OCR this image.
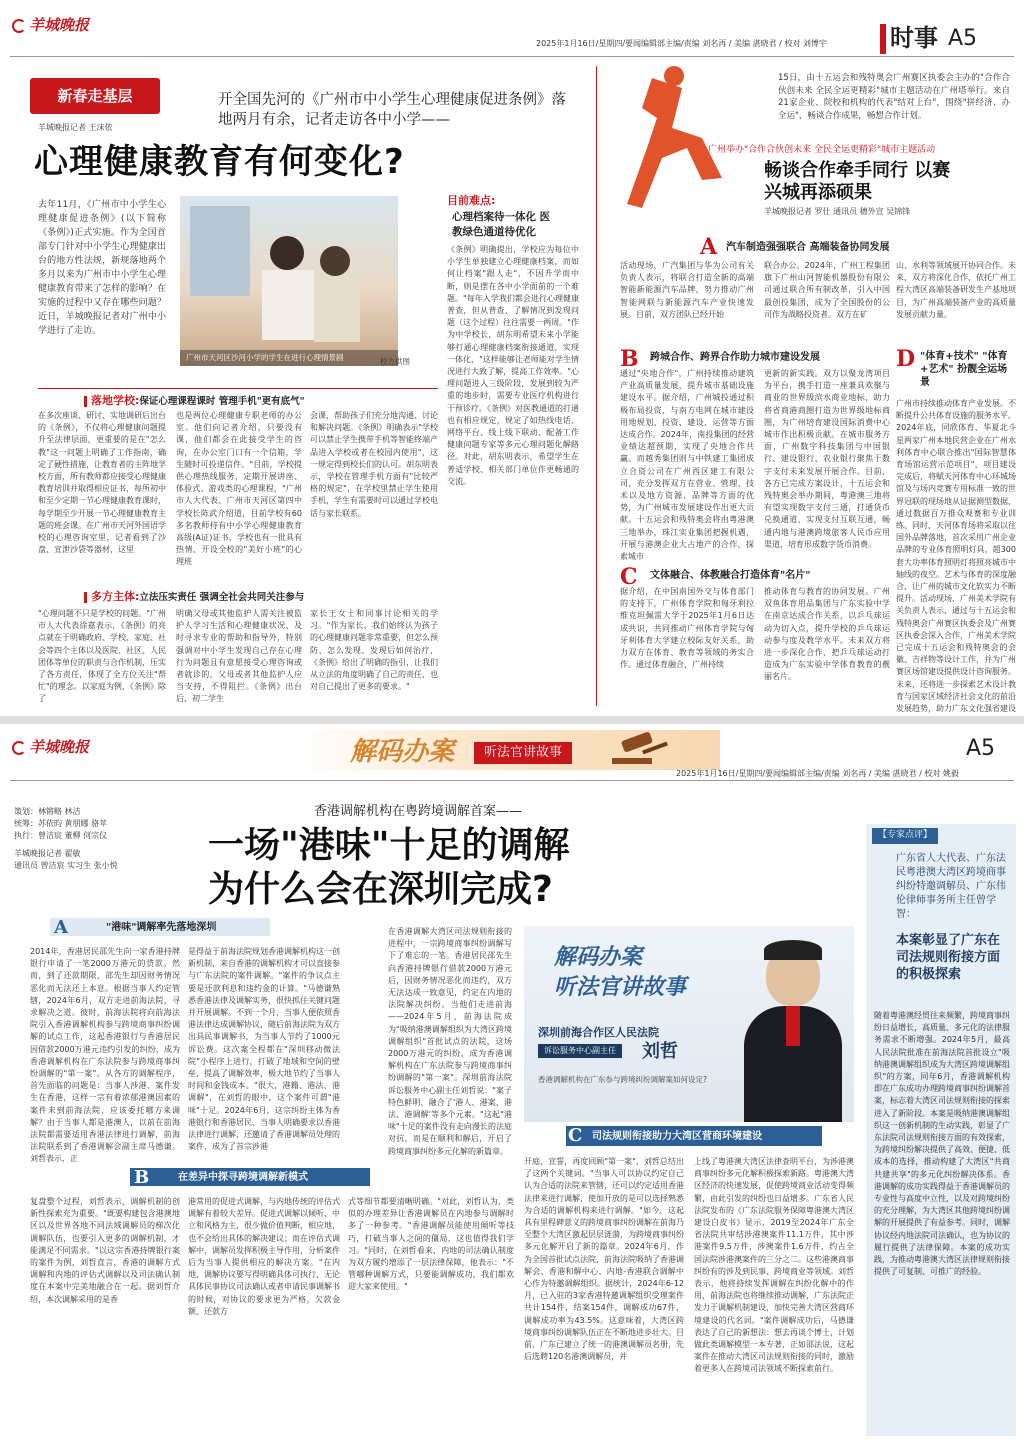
羊城晚报
2025年1月16日/星期四/要闻编辑部主编/责编 刘名再 / 美编 湛晓君 / 校对 刘博宇	时事 A5
新春走基层	开全国先河的《广州市中小学生心理健康促进条例》落地两月有余，记者走访各中小学——
羊城晚报记者 王沫依
心理健康教育有何变化?
去年11月，《广州市中小学生心理健康促进条例》(以下简称《条例》)正式实施。作为全国首部专门针对中小学生心理健康出台的地方性法规，新规落地两个多月以来为广州市中小学生心理健康教育带来了怎样的影响？在实施的过程中又存在哪些问题？近日，羊城晚报记者对广州中小学进行了走访。
广州市天河区沙河小学的学生在进行心理情景剧	校方供图
目前难点:
心理档案待一体化 医教绿色通道待优化
《条例》明确提出，学校应为每位中小学生单独建立心理健康档案，而如何让档案"跟人走"，不因升学而中断，则是摆在各中小学面前的一个难题。"每年入学我们都会进行心理健康普查，但从普查、了解情况到发现问题（这个过程）往往需要一两周。"作为中学校长，胡东明希望未来小学能够打通心理健康档案衔接通道，实现一体化，"这样能够让老师能对学生情况进行大致了解，提高工作效率。"心理问题进入三级阶段，发展到较为严重的地步时，需要专业医疗机构进行干预诊疗。《条例》对医教通道的打通也有相应规定，规定了如热线电话、网络平台、线上线下联动、配备工作健康问题专家等多元心理问题化解路径。对此，胡东明表示，希望学生在普适学校、相关部门单位作更畅通的交流。
落地学校:保证心理课程课时 管理手机"更有底气"
在多次座谈、研讨、实地调研后出台的《条例》，不仅将心理健康问题提升至法律层面，更重要的是在"怎么教"这一问题上明确了工作指南，确定了硬性措施，让教育者的主阵地学校方面，所有教师都应接受心理健康教育培训并取得相应证书，每所初中和至少定期一节心理健康教育课时，每学期至少开展一节心理健康教育主题的班会课。在广州市天河外国语学校的心理咨询室里，记者看到了沙盘、宣泄沙袋等器材，这里
也是两位心理健康专职老师的办公室。他们向记者介绍，只要没有课，他们都会在此接受学生的咨询，在办公室门口有一个信箱，学生随时可投递信件。"目前，学校提供心理热线服务，定期开展讲座、体验式、游戏类的心理课程，"广州市人大代表、广州市天河区第四中学校长陈武介绍道，目前学校有60多名教师持有中小学心理健康教育高级(A证)证书，学校也有一批具有热情、开设全校的"美好小班"的心理班
会课，帮助孩子们充分地沟通、讨论和解决问题。《条例》明确表示"学校可以禁止学生携带手机等智能终端产品进入学校或者在校园内使用"，这一规定得到校长们的认可。胡东明表示，学校在管理手机方面有"比较严格的规定"，在学校里禁止学生使用手机，学生有需要时可以通过学校电话与家长联系。
多方主体:立法压实责任 强调全社会共同关注参与
"心理问题不只是学校的问题。"广州市人大代表徐嘉表示，《条例》的亮点就在于明确政府、学校、家庭、社会等四个主体以及医院、社区、人民团体等单位的职责与合作机制，压实了各方责任，体现了全方位关注"帮忙"的理念。以家庭为例，《条例》除了
明确父母或其他监护人需关注被监护人学习生活和心理健康状况、及时寻求专业的帮助和指导外，特别强调对中小学生发现自己存在心理行为问题且有意愿接受心理咨询或者就诊的，父母或者其他监护人应当支持，不得阻拦。《条例》出台后，初二学生
家长王女士和同事讨论相关的学习。"作为家长，我们始终认为孩子的心理健康问题非常重要，但怎么预防、怎么发现、发现后如何治疗，《条例》给出了明确的指引，让我们从立法的角度明确了自己的责任，也对自己提出了更多的要求。"
15日，由十五运会和残特奥会广州赛区执委会主办的"合作合伙创未来 全民全运更精彩"城市主题活动在广州塔举行。来自21家企业、院校和机构的代表"结对上台"，围绕"拼经济、办全运"，畅谈合作成果，畅想合作计划。
广州举办"合作合伙创未来 全民全运更精彩"城市主题活动
畅谈合作牵手同行 以赛兴城再添硕果
羊城晚报记者 罗仕 通讯员 穗外宣 吴锦锋
A 汽车制造强强联合 高端装备协同发展
活动现场，广汽集团与华为公司有关负责人表示，将联合打造全新的高端智能新能源汽车品牌，努力推动广州智能网联与新能源汽车产业快速发展。目前，双方团队已经开始
联合办公。2024年，广州工程集团旗下广州山河智能机器股份有限公司通过联合所有制改革，引入中国最创投集团，成为了全国股份的公司作为战略投资者。双方在矿
B 跨城合作、跨界合作助力城市建设发展
通过"央地合作"，广州持续推动建筑产业高质量发展，提升城市基础设施建设水平。据介绍，广州城投通过积极布局投资，与南方电网在城市建设用地规划、投资、建设、运营等方面达成合作。2024年，南投集团的经营业绩达超预期，实现了央地合作共赢。而越秀集团则与中铁建工集团成立合资公司在广州西区建工有限公司，充分发挥双方在营业、管理、技术以及地方资源、品牌等方面的优势，为广州城市发展建设作出更大贡献。十五运会和残特奥会将由粤港澳三地举办，珠江实业集团把握机遇，开展与港澳企业大占地产的合作，探索城市
更新的新实践。双方以聚龙湾项目为平台，携手打造一座兼具欢聚与商业的世界级滨水商业地标，助力将省商港商圈打造为世界级地标商圈，为广州培育建设国际消费中心城市作出积极贡献。在城市服务方面，广州数字科技集团与中国银行、建设银行、农业银行聚焦于数字支付未来发展开展合作。目前，各方已完成方案设计，十五运会和残特奥会举办期间，粤港澳三地将有望实现数字支付三通，打通货币兑换通道，实现支付互联互通，畅通内地与港澳跨境旅客人民币应用渠道，培育形成数字货币消费。
C 文体融合、体教融合打造体育"名片"
据介绍，在中国南国外交与体育部门的支持下，广州体育学院和匈牙利拉维克坦佩雷大学于2025年1月6日达成共识，共同推动广州体育学院与匈牙利体育大学建立校际友好关系，助力双方在体育、教育等领域的务实合作。通过体育融合，广州持续
推动体育与教育的协同发展。广州双鱼体育用品集团与广东实验中学在南京达成合作关系，以乒乓球运动为切入点，提升学校的乒乓球运动参与度及教学水平。未来双方将进一步深化合作，把乒乓球运动打造成为广东实验中学体育教育的靓丽名片。
山、水利等领域展开协同合作。未来，双方将深化合作，依托广州工程大湾区高端装备研发生产基地项目，为广州高端装备产业的高质量发展贡献力量。
D "体育+技术" "体育+艺术" 扮靓全运场景
广州市持续推动体育产业发展。不断提升公共体育设施的服务水平。2024年底，同欣体育、华夏北斗星两家广州本地民营企业在广州水利体育中心联合推出"国际智慧体育场馆运营示范项目"，项目建设完成后，将赋天河体育中心环城场馆及与场内竞赛专用标准一致的世界冠联的现场地从证据测型数据，通过数据百万推众观赛和专业训练。同时，天河体育场将采取以往国外品牌落地，首次采用广州企业品牌的专业体育照明灯具，超300套大功率体育照明灯将照亮城市中轴线的夜空。艺术与体育的深度融合，让广州的城市文化软实力不断提升。活动现场，广州美术学院有关负责人表示，通过与十五运会和残特奥会广州赛区执委会及广州赛区执委会深入合作，广州美术学院已完成十五运会和残特奥会的会徽、吉祥物等设计工作，并为广州赛区场馆建设提供设计咨询服务。未来，还将进一步探索艺术设计教育与国家区域经济社会文化的前沿发展趋势，助力广东文化强省建设
羊城晚报	解码办案	听法官讲故事	A5
2025年1月16日/星期四/要闻编辑部主编/责编 刘名再 / 美编 湛晓君 / 校对 姚毅
策划：林锵略 林洁
统筹：苏依昀 黄朋娜 骆苹
执行：曾洁宸 董柳 何宗仪
羊城晚报记者 翟敏
通讯员 曾洁宸 实习生 张小悦
香港调解机构在粤跨境调解首案——
一场"港味"十足的调解
为什么会在深圳完成?
A	"港味"调解率先落地深圳
2014年，香港居民邵先生向一家香港持牌银行申请了一笔2000万港元的贷款。然而，到了还款期限，邵先生却因财务情况恶化而无法还上本息。根据当事人约定管辖，2024年6月，双方走进前海法院，寻求解决之道。彼时，前海法院将向前海法院引入香港调解机构参与跨境商事纠纷调解的试点工作，这起香港银行与香港居民因借款2000万港元违约引发的纠纷，成为香港调解机构在广东法院参与跨境商事纠纷调解的"第一案"。从各方的调解程序，首先面临的问题是：当事人涉港、案件发生在香港，这样一宗有着浓郁港澳因素的案件未到前海法院，应该委托哪方来调解？由于当事人都是港澳人，以前在前海法院都需要适用香港法律进行调解，前海法院联系到了香港调解会副主席马德谦。刘哲表示，正
是得益于前海法院规划香港调解机构这一创新机制，来自香港的调解机构才可以直接参与广东法院的案件调解。"案件的争议点主要是还款利息和违约金的计算。"马德谦熟悉香港法律及调解实务，很快抓住关键问题并开展调解。不到一个月，当事人便依照香港法律达成调解协议，随后前海法院为双方出具民事调解书，为当事人节约了1000元诉讼费。这次案全程都在"深圳移动微法院"小程序上进行，打破了地域和空间的壁垒，提高了调解效率，极大地节约了当事人时间和金钱成本。"很大，港籍、港法、港调解"，在刘哲的眼中，这个案件可谓"港味"十足。2024年6月，这宗纠纷主体为香港银行和香港居民、当事人明确要求以香港法律进行调解，还邀请了香港调解员处理的案件，成为了首宗涉港
在香港调解大湾区司法规则衔接的进程中，一宗跨境商事纠纷调解写下了难忘的一笔。香港居民邵先生向香港持牌银行借款2000万港元后，因财务情况恶化而违约，双方无法达成一致意见，约定在内地的法院解决纠纷。当他们走进前海——2024年5月，前海法院成为"吸纳港澳调解组织为大湾区跨境调解组织"首批试点的法院，这场2000万港元的纠纷，成为香港调解机构在广东法院参与跨境商事纠纷调解的"第一案"。深圳前海法院诉讼服务中心副主任刘哲说："案子特色鲜明，融合了'港人、港案、港法、港调解'等多个元素。"这起"港味"十足的案件没有走向漫长的法庭对抗，而是在顺利和解后，开启了跨境商事纠纷多元化解的新篇章。
解码办案
听法官讲故事
深圳前海合作区人民法院
诉讼服务中心副主任	刘哲
香港调解机构在广东参与跨境纠纷调解案如何设定?
C 司法规则衔接助力大湾区营商环境建设
开庭、宣誓，再度回顾"第一案"，刘哲总结出了这两个关键词。"当事人可以协议约定自己认为合适的法院来管辖，还可以约定适用香港法律来进行调解，使加开放的是可以选择熟悉为合适的调解机构来进行调解。"如今，这起具有里程碑意义的跨境商事纠纷调解在前海乃至整个大湾区激起层层涟漪，为跨境商事纠纷多元化解开启了新的篇章。2024年6月，作为全国首批试点法院，前海法院吸纳了香港调解会、香港和解中心、内地-香港联合调解中心作为特邀调解组织。据统计，2024年6-12月，已入驻的3家香港特邀调解组织受理案件共计154件，结案154件，调解成功67件，调解成功率为43.5%。这意味着，大湾区跨境商事纠纷调解队伍正在不断地进步壮大。目前，广东已建立了统一的港澳调解员名册，先后选聘120名港澳调解员，并
上线了粤港澳大湾区法律查明平台，为涉港澳商事纠纷多元化解积极探索新路。粤港澳大湾区经济的快速发展，促使跨境商业活动变得频繁，由此引发的纠纷也日益增多。广东省人民法院发布的《广东法院服务保障粤港澳大湾区建设白皮书》显示，2019至2024年广东全省法院共审结涉港澳案件11.1万件，其中涉港案件9.5万件，涉澳案件1.6万件，约占全国法院涉港澳案件的三分之二。这些港澳商事纠纷有的涉及到民事、跨境商业等领域。刘哲表示，他将持续发挥调解在纠纷化解中的作用，前海法院也将继续推动调解，广东法院正发力于调解机制建设，加快完善大湾区营商环境建设的代名词。"案件调解成功后，马德谦表达了自己的新想法：想去再谈个博士，计划做此类调解模型一本专著，正如邵法说，这起案件在推动大湾区司法规则衔接的同时，激励着更多人在跨境司法领域不断探索前行。
B	在差异中探寻跨境调解新模式
复盘整个过程，刘哲表示，调解机制的创新性探索充为重要。"既要构建包含港澳地区以及世界各地不同法域调解员的梯次化调解队伍，也要引入更多的调解机制，才能满足不同需求。"以这宗香港持牌银行案的案件为例，刘哲直言，香港的调解方式调解和内地的评估式调解以及司法确认制度在本案中完美地融合在一起。据刘哲介绍，本次调解采用的是香
港常用的促进式调解，与内地传统的评估式调解有着较大差异。促进式调解以倾听、中立和风格为主，很少做价值判断，相应地，也不会给出具体的解决建议；而在评估式调解中，调解员发挥积极主导作用，分析案件后为当事人提供相应的解决方案。"在内地，调解协议要写得明确具体可执行，无论具体民事协议司法确认或者申请民事调解书的时候，对协议的要求更为严格，欠款金额、还款方
式等细节都要清晰明确。"对此，刘哲认为，类似的办理差异让香港调解员在内地参与调解时多了一种参考。"香港调解员能使用倾听等技巧，打破当事人之间的僵局，这也值得我们学习。"同时，在刘哲看来，内地的司法确认制度为双方履约增添了一层法律保障，他表示："不管哪种调解方式，只要能调解成功，我们都欢迎大家来使用。"
【专家点评】
广东省人大代表、广东法民粤港澳大湾区跨境商事纠纷特邀调解员、广东伟伦律师事务所主任曾学智：
本案彰显了广东在司法规则衔接方面的积极探索
随着粤港澳经贸往来频繁，跨境商事纠纷日益增长，高质量、多元化的法律服务需求不断增强。2024年5月，最高人民法院批准在前海法院首批设立"吸纳港澳调解组织成为大湾区跨境调解组织"的方案，同年6月，香港调解机构即在广东成功办理跨境商事纠纷调解首案，标志着大湾区司法规则衔接的探索进入了新阶段。本案是吸纳港澳调解组织这一创新机制的生动实践，彰显了广东法院司法规则衔接方面的有效探索，为跨境纠纷解决提供了高效、便捷、低成本的选择，推动构建了大湾区"共商共建共享"的多元化纠纷解决体系。香港调解的成功实践得益于香港调解员的专业性与高度中立性，以及对跨境纠纷的充分理解，为大湾区其他跨境纠纷调解的开展提供了有益参考。同时，调解协议经内地法院司法确认，也为协议的履行提供了法律保障。本案的成功实践，为推动粤港澳大湾区法律规则衔接提供了可复制、可推广的经验。
